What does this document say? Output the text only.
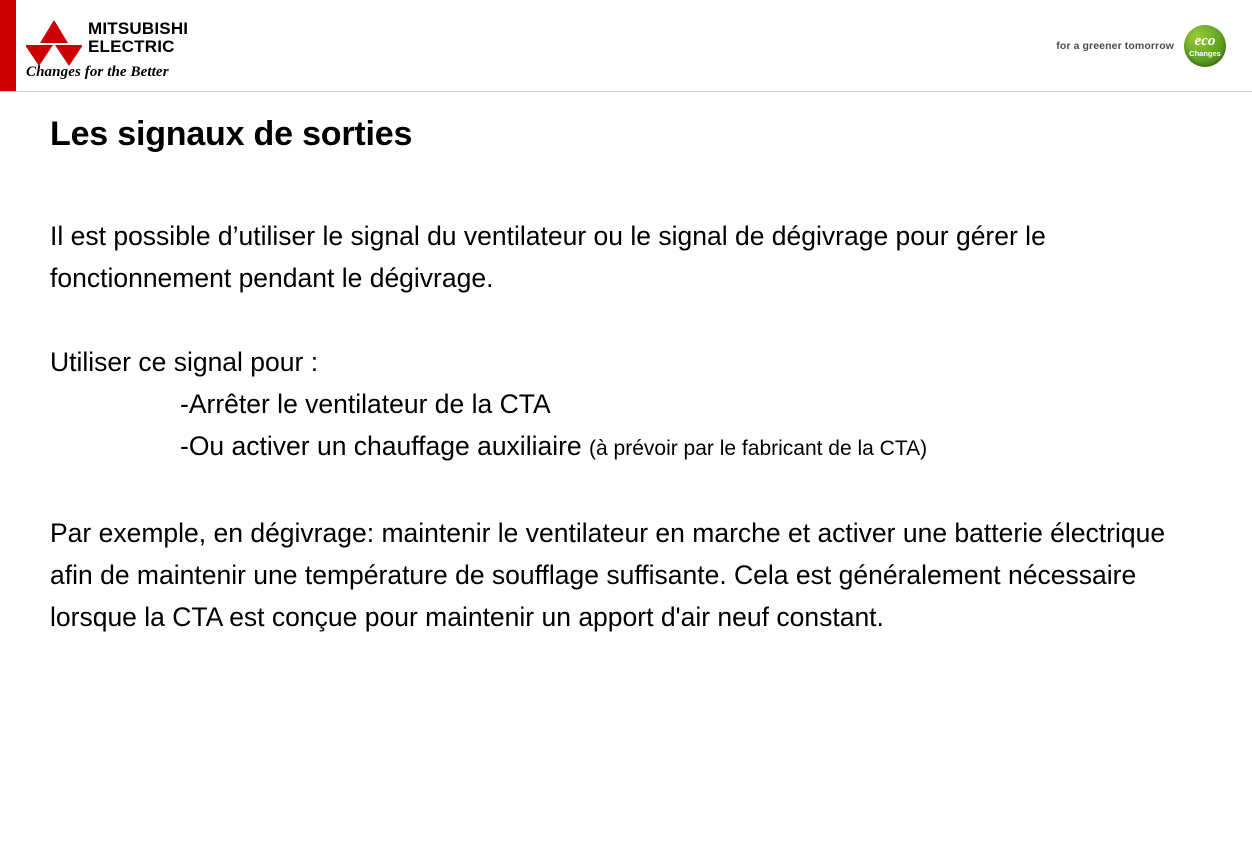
MITSUBISHI
ELECTRIC
Changes for the Better
for a greener tomorrow eco
Changes
Les signaux de sorties

Il est possible d’utiliser le signal du ventilateur ou le signal de dégivrage pour gérer le fonctionnement pendant le dégivrage.

Utiliser ce signal pour :

-Arrêter le ventilateur de la CTA

-Ou activer un chauffage auxiliaire (à prévoir par le fabricant de la CTA)

Par exemple, en dégivrage: maintenir le ventilateur en marche et activer une batterie électrique afin de maintenir une température de soufflage suffisante. Cela est généralement nécessaire lorsque la CTA est conçue pour maintenir un apport d'air neuf constant.
